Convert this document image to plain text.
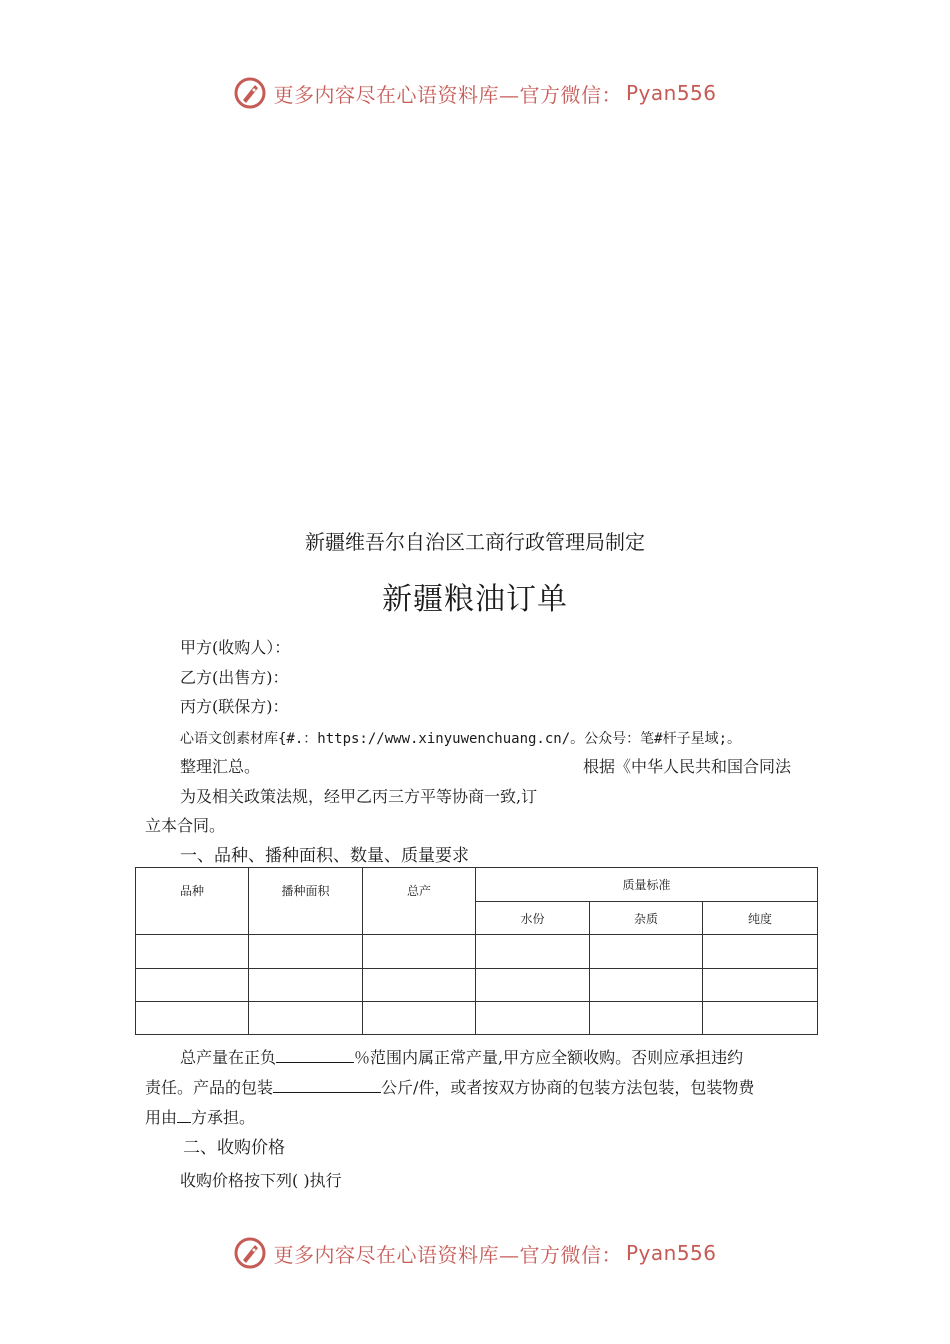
更多内容尽在心语资料库—官方微信： Pyan556
新疆维吾尔自治区工商行政管理局制定
新疆粮油订单
甲方(收购人）：
乙方(出售方)：
丙方(联保方)：
心语文创素材库{#.：https://www.xinyuwenchuang.cn/。公众号：笔#杆子星域;。
整理汇总。	根据《中华人民共和国合同法
为及相关政策法规，经甲乙丙三方平等协商一致,订
立本合同。
一、品种、播种面积、数量、质量要求
品种	播种面积	总产	质量标准		
			水份	杂质	纯度

总产量在正负	％范围内属正常产量,甲方应全额收购。否则应承担违约
责任。产品的包装	公斤/件，或者按双方协商的包装方法包装，包装物费
用由 方承担。
二、收购价格
收购价格按下列( )执行
更多内容尽在心语资料库—官方微信： Pyan556
